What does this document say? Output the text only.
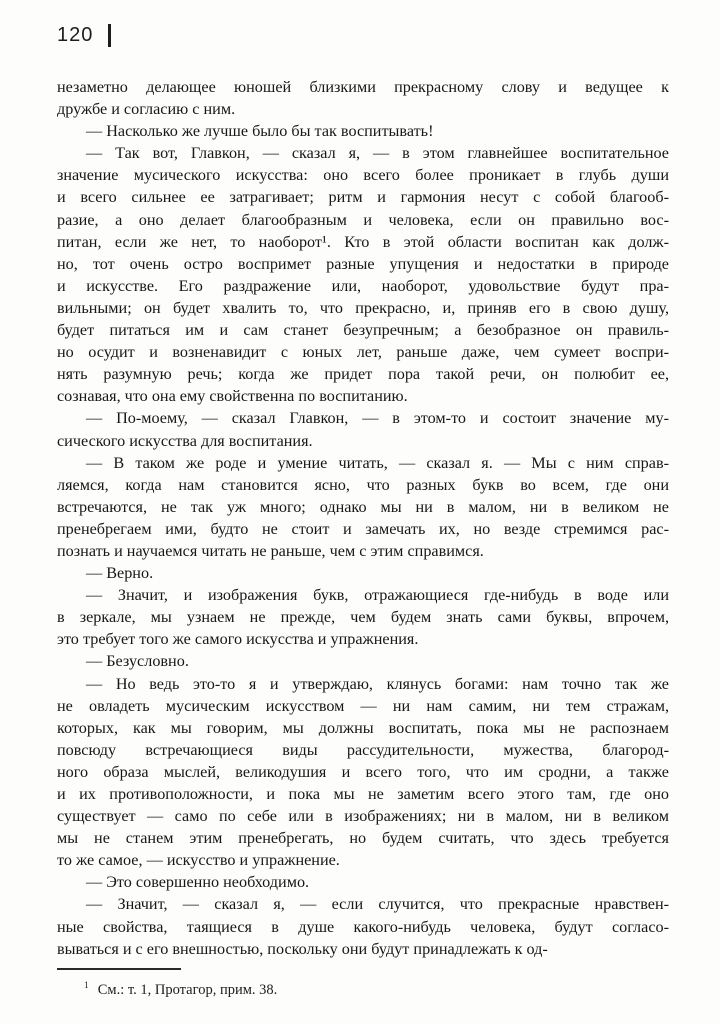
120
незаметно делающее юношей близкими прекрасному слову и ведущее к
дружбе и согласию с ним.
— Насколько же лучше было бы так воспитывать!
— Так вот, Главкон, — сказал я, — в этом главнейшее воспитательное
значение мусического искусства: оно всего более проникает в глубь души
и всего сильнее ее затрагивает; ритм и гармония несут с собой благооб-
разие, а оно делает благообразным и человека, если он правильно вос-
питан, если же нет, то наоборот¹. Кто в этой области воспитан как долж-
но, тот очень остро воспримет разные упущения и недостатки в природе
и искусстве. Его раздражение или, наоборот, удовольствие будут пра-
вильными; он будет хвалить то, что прекрасно, и, приняв его в свою душу,
будет питаться им и сам станет безупречным; а безобразное он правиль-
но осудит и возненавидит с юных лет, раньше даже, чем сумеет воспри-
нять разумную речь; когда же придет пора такой речи, он полюбит ее,
сознавая, что она ему свойственна по воспитанию.
— По-моему, — сказал Главкон, — в этом-то и состоит значение му-
сического искусства для воспитания.
— В таком же роде и умение читать, — сказал я. — Мы с ним справ-
ляемся, когда нам становится ясно, что разных букв во всем, где они
встречаются, не так уж много; однако мы ни в малом, ни в великом не
пренебрегаем ими, будто не стоит и замечать их, но везде стремимся рас-
познать и научаемся читать не раньше, чем с этим справимся.
— Верно.
— Значит, и изображения букв, отражающиеся где-нибудь в воде или
в зеркале, мы узнаем не прежде, чем будем знать сами буквы, впрочем,
это требует того же самого искусства и упражнения.
— Безусловно.
— Но ведь это-то я и утверждаю, клянусь богами: нам точно так же
не овладеть мусическим искусством — ни нам самим, ни тем стражам,
которых, как мы говорим, мы должны воспитать, пока мы не распознаем
повсюду встречающиеся виды рассудительности, мужества, благород-
ного образа мыслей, великодушия и всего того, что им сродни, а также
и их противоположности, и пока мы не заметим всего этого там, где оно
существует — само по себе или в изображениях; ни в малом, ни в великом
мы не станем этим пренебрегать, но будем считать, что здесь требуется
то же самое, — искусство и упражнение.
— Это совершенно необходимо.
— Значит, — сказал я, — если случится, что прекрасные нравствен-
ные свойства, таящиеся в душе какого-нибудь человека, будут согласо-
вываться и с его внешностью, поскольку они будут принадлежать к од-
$^1$ См.: т. 1, Протагор, прим. 38.
